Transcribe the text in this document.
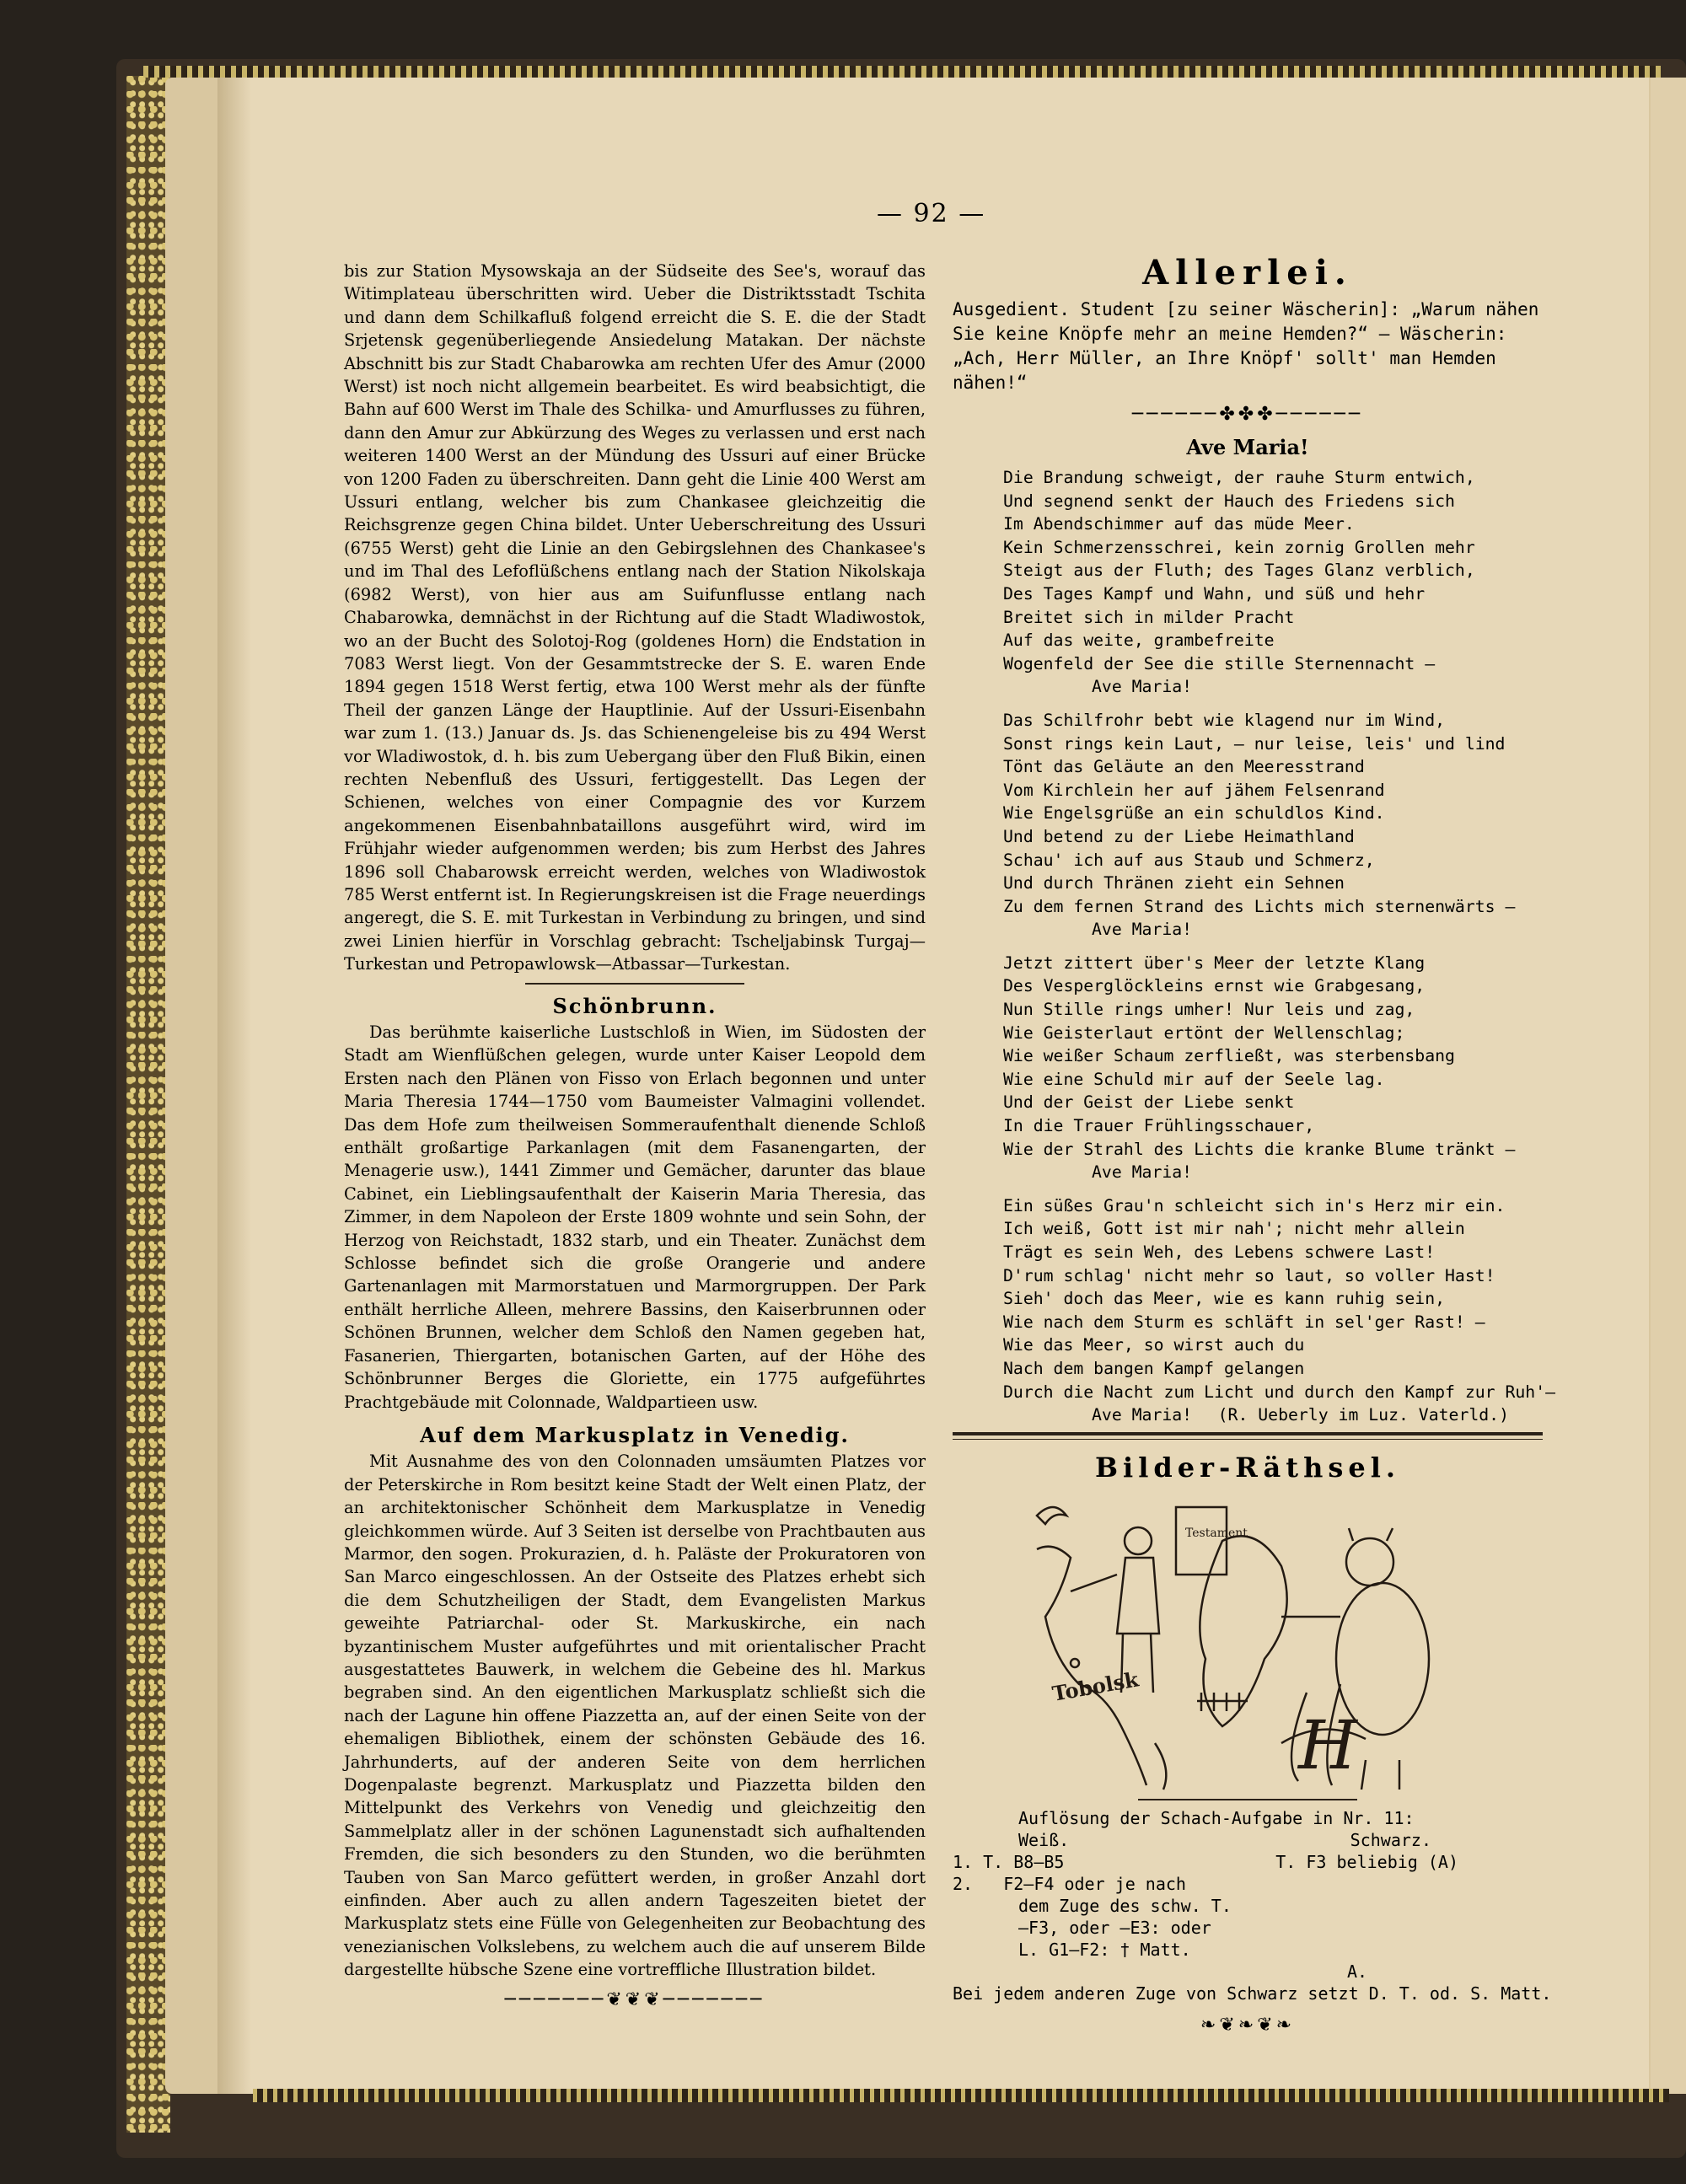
— 92 —

bis zur Station Mysowskaja an der Südseite des See's, worauf das Witimplateau überschritten wird. Ueber die Distriktsstadt Tschita und dann dem Schilkafluß folgend erreicht die S. E. die der Stadt Srjetensk gegenüberliegende Ansiedelung Matakan. Der nächste Abschnitt bis zur Stadt Chabarowka am rechten Ufer des Amur (2000 Werst) ist noch nicht allgemein bearbeitet. Es wird beabsichtigt, die Bahn auf 600 Werst im Thale des Schilka- und Amurflusses zu führen, dann den Amur zur Abkürzung des Weges zu verlassen und erst nach weiteren 1400 Werst an der Mündung des Ussuri auf einer Brücke von 1200 Faden zu überschreiten. Dann geht die Linie 400 Werst am Ussuri entlang, welcher bis zum Chankasee gleichzeitig die Reichsgrenze gegen China bildet. Unter Ueberschreitung des Ussuri (6755 Werst) geht die Linie an den Gebirgslehnen des Chankasee's und im Thal des Lefoflüßchens entlang nach der Station Nikolskaja (6982 Werst), von hier aus am Suifunflusse entlang nach Chabarowka, demnächst in der Richtung auf die Stadt Wladiwostok, wo an der Bucht des Solotoj-Rog (goldenes Horn) die Endstation in 7083 Werst liegt. Von der Gesammtstrecke der S. E. waren Ende 1894 gegen 1518 Werst fertig, etwa 100 Werst mehr als der fünfte Theil der ganzen Länge der Hauptlinie. Auf der Ussuri-Eisenbahn war zum 1. (13.) Januar ds. Js. das Schienengeleise bis zu 494 Werst vor Wladiwostok, d. h. bis zum Uebergang über den Fluß Bikin, einen rechten Nebenfluß des Ussuri, fertiggestellt. Das Legen der Schienen, welches von einer Compagnie des vor Kurzem angekommenen Eisenbahnbataillons ausgeführt wird, wird im Frühjahr wieder aufgenommen werden; bis zum Herbst des Jahres 1896 soll Chabarowsk erreicht werden, welches von Wladiwostok 785 Werst entfernt ist. In Regierungskreisen ist die Frage neuerdings angeregt, die S. E. mit Turkestan in Verbindung zu bringen, und sind zwei Linien hierfür in Vorschlag gebracht: Tscheljabinsk Turgaj—Turkestan und Petropawlowsk—Atbassar—Turkestan.

Schönbrunn.

Das berühmte kaiserliche Lustschloß in Wien, im Südosten der Stadt am Wienflüßchen gelegen, wurde unter Kaiser Leopold dem Ersten nach den Plänen von Fisso von Erlach begonnen und unter Maria Theresia 1744—1750 vom Baumeister Valmagini vollendet. Das dem Hofe zum theilweisen Sommeraufenthalt dienende Schloß enthält großartige Parkanlagen (mit dem Fasanengarten, der Menagerie usw.), 1441 Zimmer und Gemächer, darunter das blaue Cabinet, ein Lieblingsaufenthalt der Kaiserin Maria Theresia, das Zimmer, in dem Napoleon der Erste 1809 wohnte und sein Sohn, der Herzog von Reichstadt, 1832 starb, und ein Theater. Zunächst dem Schlosse befindet sich die große Orangerie und andere Gartenanlagen mit Marmorstatuen und Marmorgruppen. Der Park enthält herrliche Alleen, mehrere Bassins, den Kaiserbrunnen oder Schönen Brunnen, welcher dem Schloß den Namen gegeben hat, Fasanerien, Thiergarten, botanischen Garten, auf der Höhe des Schönbrunner Berges die Gloriette, ein 1775 aufgeführtes Prachtgebäude mit Colonnade, Waldpartieen usw.

Auf dem Markusplatz in Venedig.

Mit Ausnahme des von den Colonnaden umsäumten Platzes vor der Peterskirche in Rom besitzt keine Stadt der Welt einen Platz, der an architektonischer Schönheit dem Markusplatze in Venedig gleichkommen würde. Auf 3 Seiten ist derselbe von Prachtbauten aus Marmor, den sogen. Prokurazien, d. h. Paläste der Prokuratoren von San Marco eingeschlossen. An der Ostseite des Platzes erhebt sich die dem Schutzheiligen der Stadt, dem Evangelisten Markus geweihte Patriarchal- oder St. Markuskirche, ein nach byzantinischem Muster aufgeführtes und mit orientalischer Pracht ausgestattetes Bauwerk, in welchem die Gebeine des hl. Markus begraben sind. An den eigentlichen Markusplatz schließt sich die nach der Lagune hin offene Piazzetta an, auf der einen Seite von der ehemaligen Bibliothek, einem der schönsten Gebäude des 16. Jahrhunderts, auf der anderen Seite von dem herrlichen Dogenpalaste begrenzt. Markusplatz und Piazzetta bilden den Mittelpunkt des Verkehrs von Venedig und gleichzeitig den Sammelplatz aller in der schönen Lagunenstadt sich aufhaltenden Fremden, die sich besonders zu den Stunden, wo die berühmten Tauben von San Marco gefüttert werden, in großer Anzahl dort einfinden. Aber auch zu allen andern Tageszeiten bietet der Markusplatz stets eine Fülle von Gelegenheiten zur Beobachtung des venezianischen Volkslebens, zu welchem auch die auf unserem Bilde dargestellte hübsche Szene eine vortreffliche Illustration bildet.

───────❦❦❦───────
Allerlei.
Ausgedient. Student [zu seiner Wäscherin]: „Warum nähen Sie keine Knöpfe mehr an meine Hemden?“ — Wäscherin: „Ach, Herr Müller, an Ihre Knöpf' sollt' man Hemden nähen!“
──────✤✤✤──────
Ave Maria!
Die Brandung schweigt, der rauhe Sturm entwich,
Und segnend senkt der Hauch des Friedens sich
Im Abendschimmer auf das müde Meer.
Kein Schmerzensschrei, kein zornig Grollen mehr
Steigt aus der Fluth; des Tages Glanz verblich,
Des Tages Kampf und Wahn, und süß und hehr
Breitet sich in milder Pracht
Auf das weite, grambefreite
Wogenfeld der See die stille Sternennacht —
Ave Maria!
Das Schilfrohr bebt wie klagend nur im Wind,
Sonst rings kein Laut, — nur leise, leis' und lind
Tönt das Geläute an den Meeresstrand
Vom Kirchlein her auf jähem Felsenrand
Wie Engelsgrüße an ein schuldlos Kind.
Und betend zu der Liebe Heimathland
Schau' ich auf aus Staub und Schmerz,
Und durch Thränen zieht ein Sehnen
Zu dem fernen Strand des Lichts mich sternenwärts —
Ave Maria!
Jetzt zittert über's Meer der letzte Klang
Des Vesperglöckleins ernst wie Grabgesang,
Nun Stille rings umher! Nur leis und zag,
Wie Geisterlaut ertönt der Wellenschlag;
Wie weißer Schaum zerfließt, was sterbensbang
Wie eine Schuld mir auf der Seele lag.
Und der Geist der Liebe senkt
In die Trauer Frühlingsschauer,
Wie der Strahl des Lichts die kranke Blume tränkt —
Ave Maria!
Ein süßes Grau'n schleicht sich in's Herz mir ein.
Ich weiß, Gott ist mir nah'; nicht mehr allein
Trägt es sein Weh, des Lebens schwere Last!
D'rum schlag' nicht mehr so laut, so voller Hast!
Sieh' doch das Meer, wie es kann ruhig sein,
Wie nach dem Sturm es schläft in sel'ger Rast! —
Wie das Meer, so wirst auch du
Nach dem bangen Kampf gelangen
Durch die Nacht zum Licht und durch den Kampf zur Ruh'—
Ave Maria! (R. Ueberly im Luz. Vaterld.)
Bilder-Räthsel.
Testament
Tobolsk
H
Auflösung der Schach-Aufgabe in Nr. 11:
Weiß.	Schwarz.
1. T. B8—B5	T. F3 beliebig (A)
2.   F2—F4 oder je nach
dem Zuge des schw. T.
—F3, oder —E3: oder
L. G1—F2: † Matt.
A.
Bei jedem anderen Zuge von Schwarz setzt D. T. od. S. Matt.
❧❦❧❦❧
